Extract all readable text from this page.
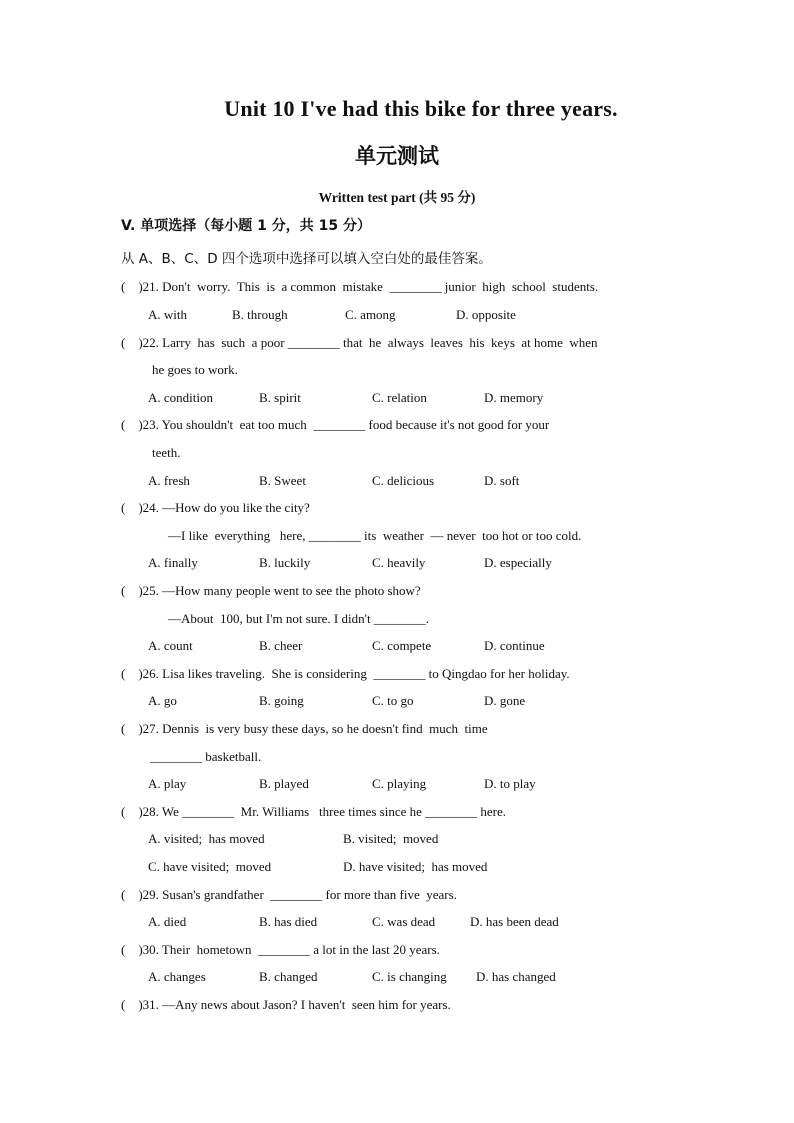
Unit 10 I've had this bike for three years.
单元测试
Written test part (共 95 分)
V. 单项选择（每小题 1 分，共 15 分）
从 A、B、C、D 四个选项中选择可以填入空白处的最佳答案。
(    )21. Don't  worry.  This  is  a common  mistake  ________ junior  high  school  students.
A. with	B. through	C. among	D. opposite
(    )22. Larry  has  such  a poor ________ that  he  always  leaves  his  keys  at home  when
he goes to work.
A. condition	B. spirit	C. relation	D. memory
(    )23. You shouldn't  eat too much  ________ food because it's not good for your
teeth.
A. fresh	B. Sweet	C. delicious	D. soft
(    )24. —How do you like the city?
—I like  everything   here, ________ its  weather  — never  too hot or too cold.
A. finally	B. luckily	C. heavily	D. especially
(    )25. —How many people went to see the photo show?
—About  100, but I'm not sure. I didn't ________.
A. count	B. cheer	C. compete	D. continue
(    )26. Lisa likes traveling.  She is considering  ________ to Qingdao for her holiday.
A. go	B. going	C. to go	D. gone
(    )27. Dennis  is very busy these days, so he doesn't find  much  time
________ basketball.
A. play	B. played	C. playing	D. to play
(    )28. We ________  Mr. Williams   three times since he ________ here.
A. visited;  has moved	B. visited;  moved
C. have visited;  moved	D. have visited;  has moved
(    )29. Susan's grandfather  ________ for more than five  years.
A. died	B. has died	C. was dead	D. has been dead
(    )30. Their  hometown  ________ a lot in the last 20 years.
A. changes	B. changed	C. is changing D. has changed
(    )31. —Any news about Jason? I haven't  seen him for years.
